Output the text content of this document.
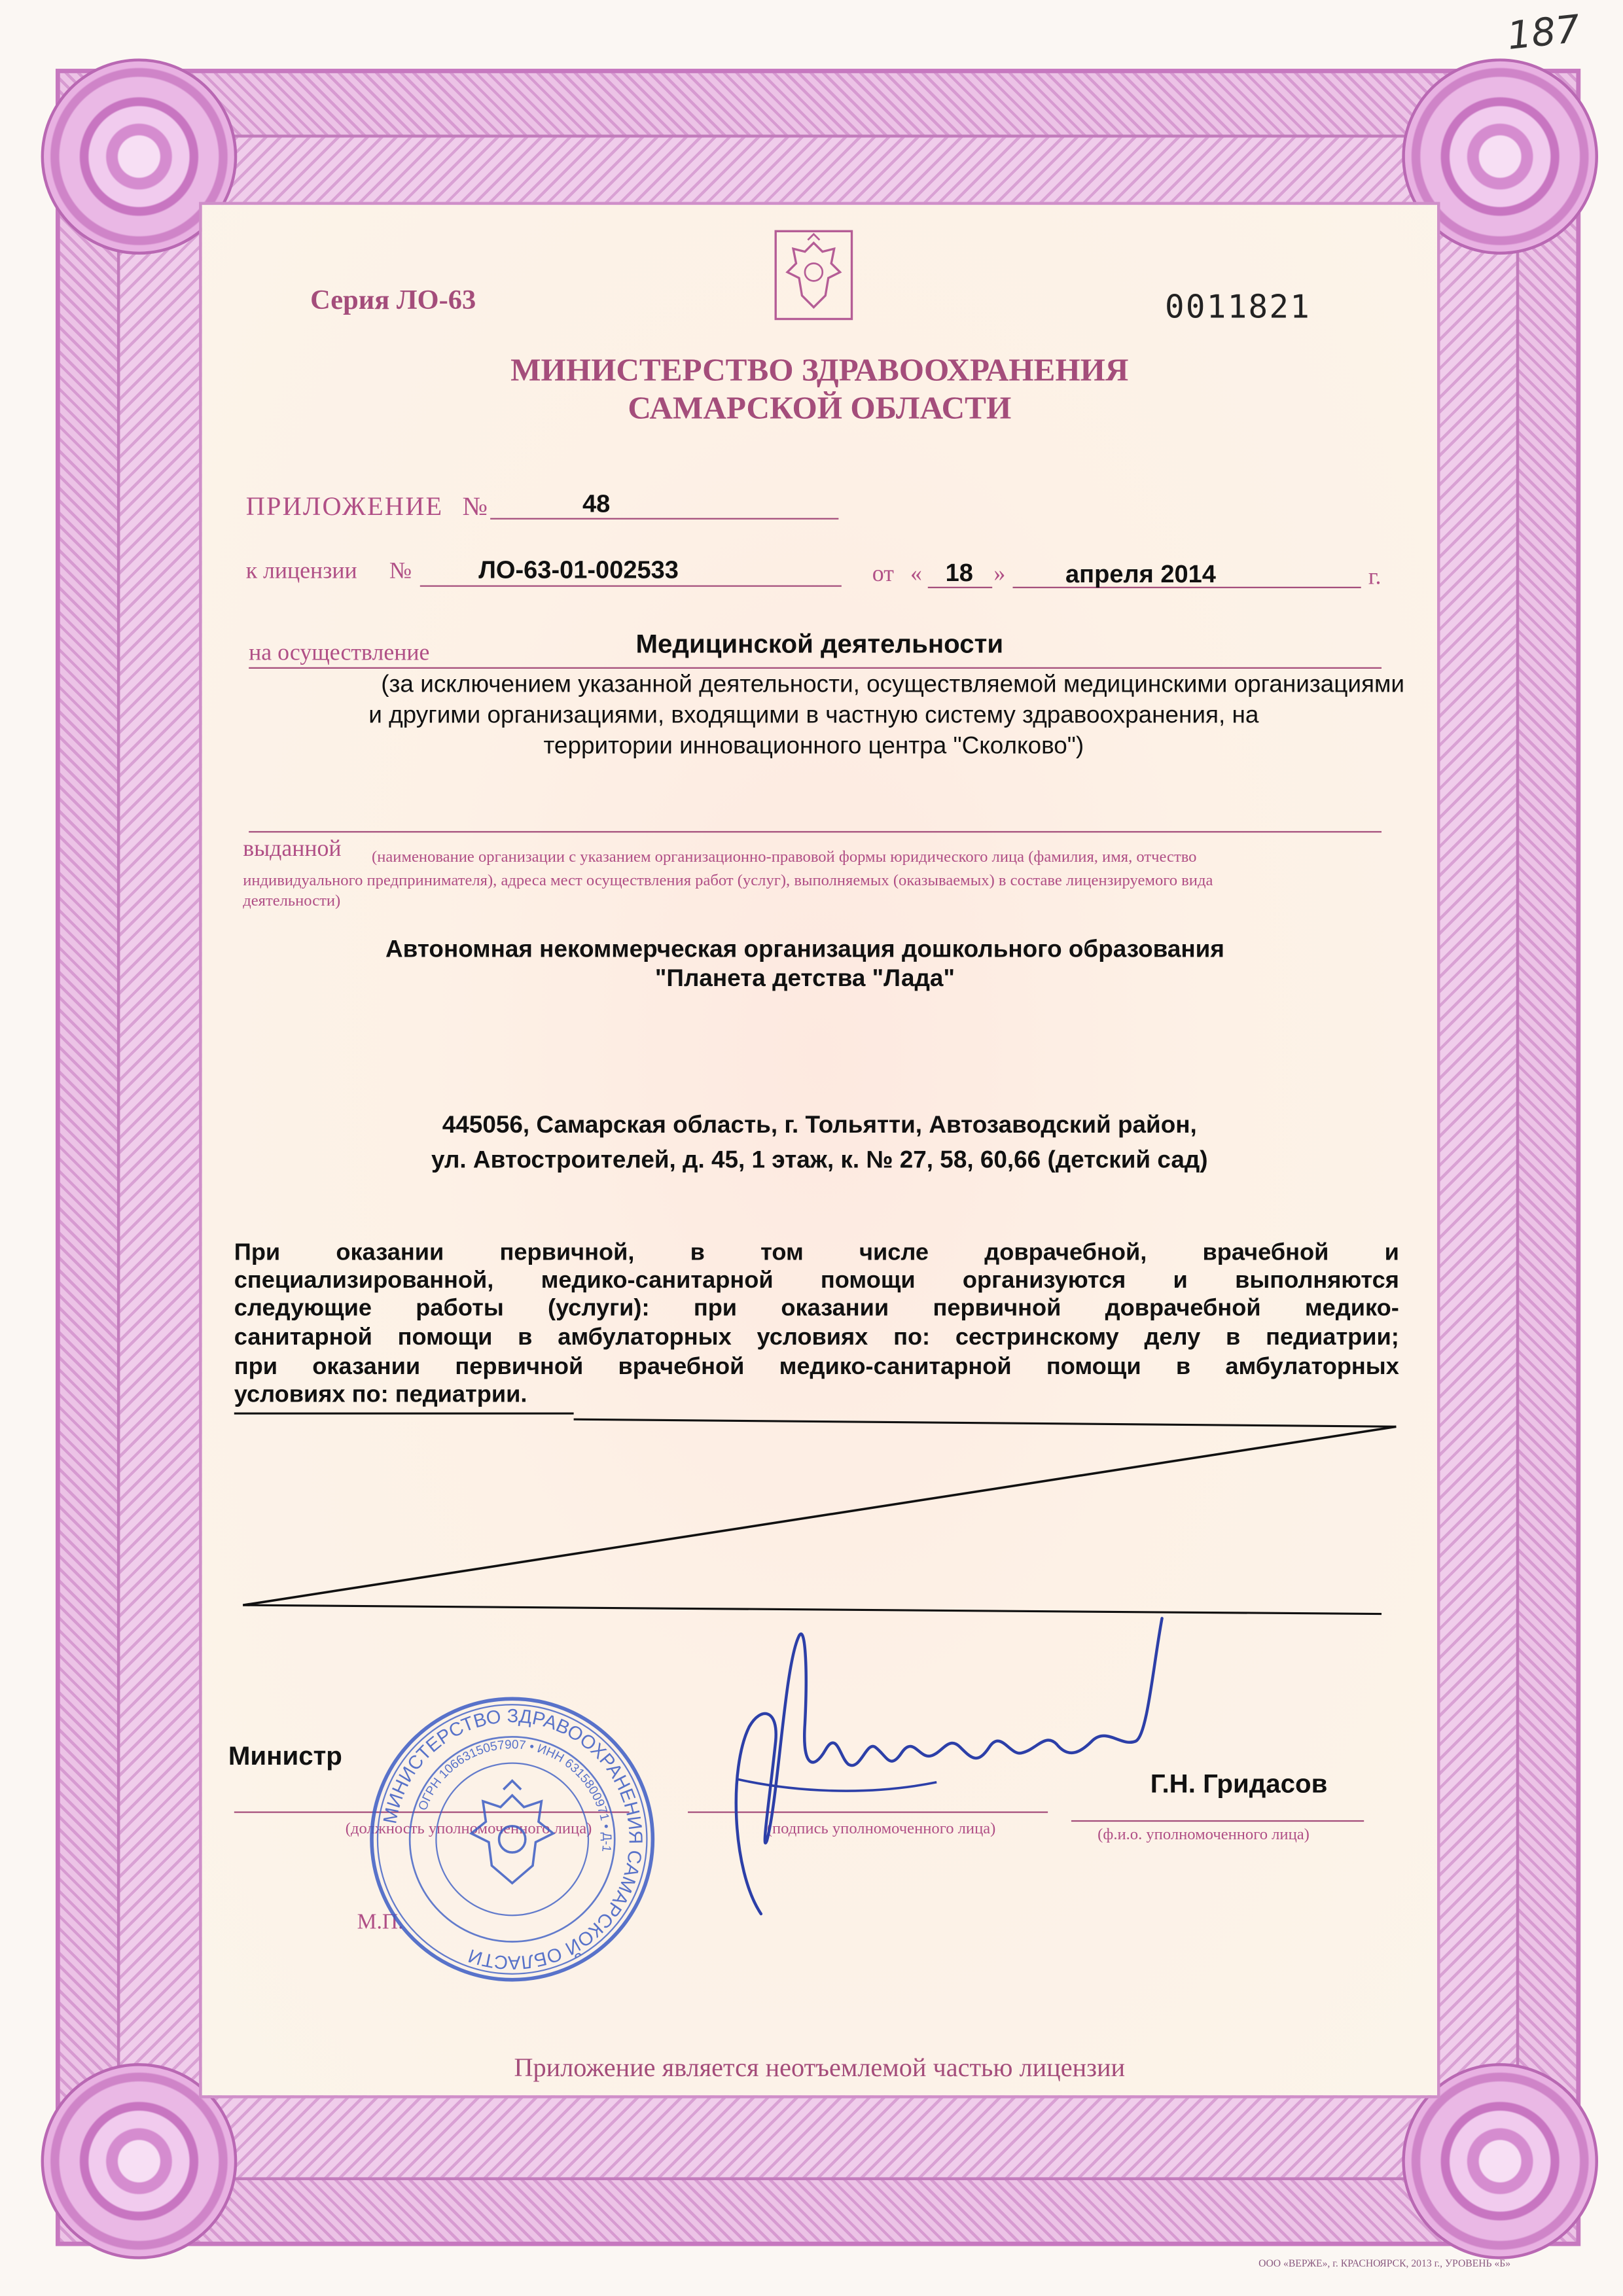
187
Серия ЛО-63	0011821
МИНИСТЕРСТВО ЗДРАВООХРАНЕНИЯ
САМАРСКОЙ ОБЛАСТИ
ПРИЛОЖЕНИЕ №	48
к лицензии	№	ЛО-63-01-002533	от « 18 »	апреля 2014	г.
на осуществление	Медицинской деятельности
(за исключением указанной деятельности, осуществляемой медицинскими организациями
и другими организациями, входящими в частную систему здравоохранения, на
территории инновационного центра "Сколково")
выданной	(наименование организации с указанием организационно-правовой формы юридического лица (фамилия, имя, отчество
индивидуального предпринимателя), адреса мест осуществления работ (услуг), выполняемых (оказываемых) в составе лицензируемого вида
деятельности)
Автономная некоммерческая организация дошкольного образования
"Планета детства "Лада"
445056, Самарская область, г. Тольятти, Автозаводский район,
ул. Автостроителей, д. 45, 1 этаж, к. № 27, 58, 60,66 (детский сад)
При оказании первичной, в том числе доврачебной, врачебной и
специализированной, медико-санитарной помощи организуются и выполняются
следующие работы (услуги): при оказании первичной доврачебной медико-
санитарной помощи в амбулаторных условиях по: сестринскому делу в педиатрии;
при оказании первичной врачебной медико-санитарной помощи в амбулаторных
условиях по: педиатрии.
Министр
Г.Н. Гридасов
(должность уполномоченного лица)	(подпись уполномоченного лица)	(ф.и.о. уполномоченного лица)
М.П.
МИНИСТЕРСТВО ЗДРАВООХРАНЕНИЯ САМАРСКОЙ ОБЛАСТИ
ОГРН 1066315057907 • ИНН 6315800971 • Д-1
Приложение является неотъемлемой частью лицензии
ООО «ВЕРЖЕ», г. КРАСНОЯРСК, 2013 г., УРОВЕНЬ «Б»
